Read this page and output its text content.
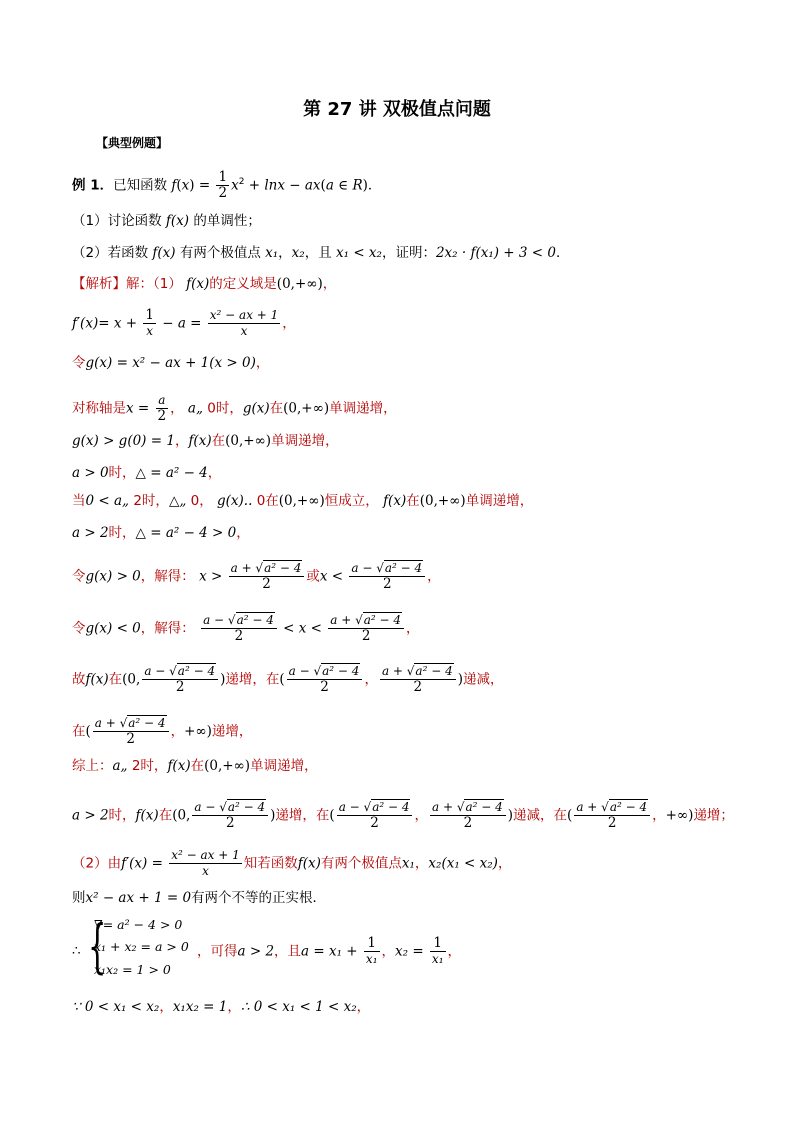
第 27 讲 双极值点问题
【典型例题】
例 1．已知函数 $f(x) = \frac{1}{2} x^2 + \ln x - ax(a$ ∈ R)．
（1）讨论函数 f(x) 的单调性；
（2）若函数 f(x) 有两个极值点 x₁，x₂，且 x₁ < x₂，证明：2x₂ · f(x₁) + 3 < 0．
【解析】解：（1） f(x)的定义域是(0,+∞)，
$f'(x)= x + \frac{1}{x} - a = \frac{\text{x² − ax + 1}}{x}$ ，
令g(x) = x² − ax + 1(x > 0)，
对称轴是$x = \frac{a}{2}$ ， a„ 0时，g(x)在(0,+∞)单调递增，
g(x) > g(0) = 1，f(x)在(0,+∞)单调递增，
a > 0时，△ = a² − 4，
当0 < a„ 2时，△„ 0， g(x).. 0在(0,+∞)恒成立， f(x)在(0,+∞)单调递增，
a > 2时，△ = a² − 4 > 0，
令g(x) > 0，解得： $x > \frac{\text{a + √a² − 4}}{2}$ 或$x < \frac{\text{a − √a² − 4}}{2}$ ，
令g(x) < 0，解得： $\frac{\text{a − √a² − 4}}{2} < x < \frac{\text{a + √a² − 4}}{2}$ ，
故f(x)在(0, $\frac{\text{a − √a² − 4}}{2}$ )递增，在( $\frac{\text{a − √a² − 4}}{2}$ ， $\frac{\text{a + √a² − 4}}{2}$ )递减，
在( $\frac{\text{a + √a² − 4}}{2}$ ，+∞)递增，
综上：a„ 2时，f(x)在(0,+∞)单调递增，
a > 2时，f(x)在(0, $\frac{\text{a − √a² − 4}}{2}$ )递增，在( $\frac{\text{a − √a² − 4}}{2}$ ， $\frac{\text{a + √a² − 4}}{2}$ )递减，在( $\frac{\text{a + √a² − 4}}{2}$ ，+∞)递增；
（2）由$f'(x) = \frac{\text{x² − ax + 1}}{x}$ 知若函数f(x)有两个极值点x₁，x₂(x₁ < x₂)，
则x² − ax + 1 = 0有两个不等的正实根．
{
∴
∇= a² − 4 > 0
x₁ + x₂ = a > 0
x₁x₂ = 1 > 0
，可得a > 2，且$a = x_1 + \frac{1}{\text{x₁}}$ ，$x_2 = \frac{1}{\text{x₁}}$ ，
∵ 0 < x₁ < x₂，x₁x₂ = 1，∴ 0 < x₁ < 1 < x₂，
